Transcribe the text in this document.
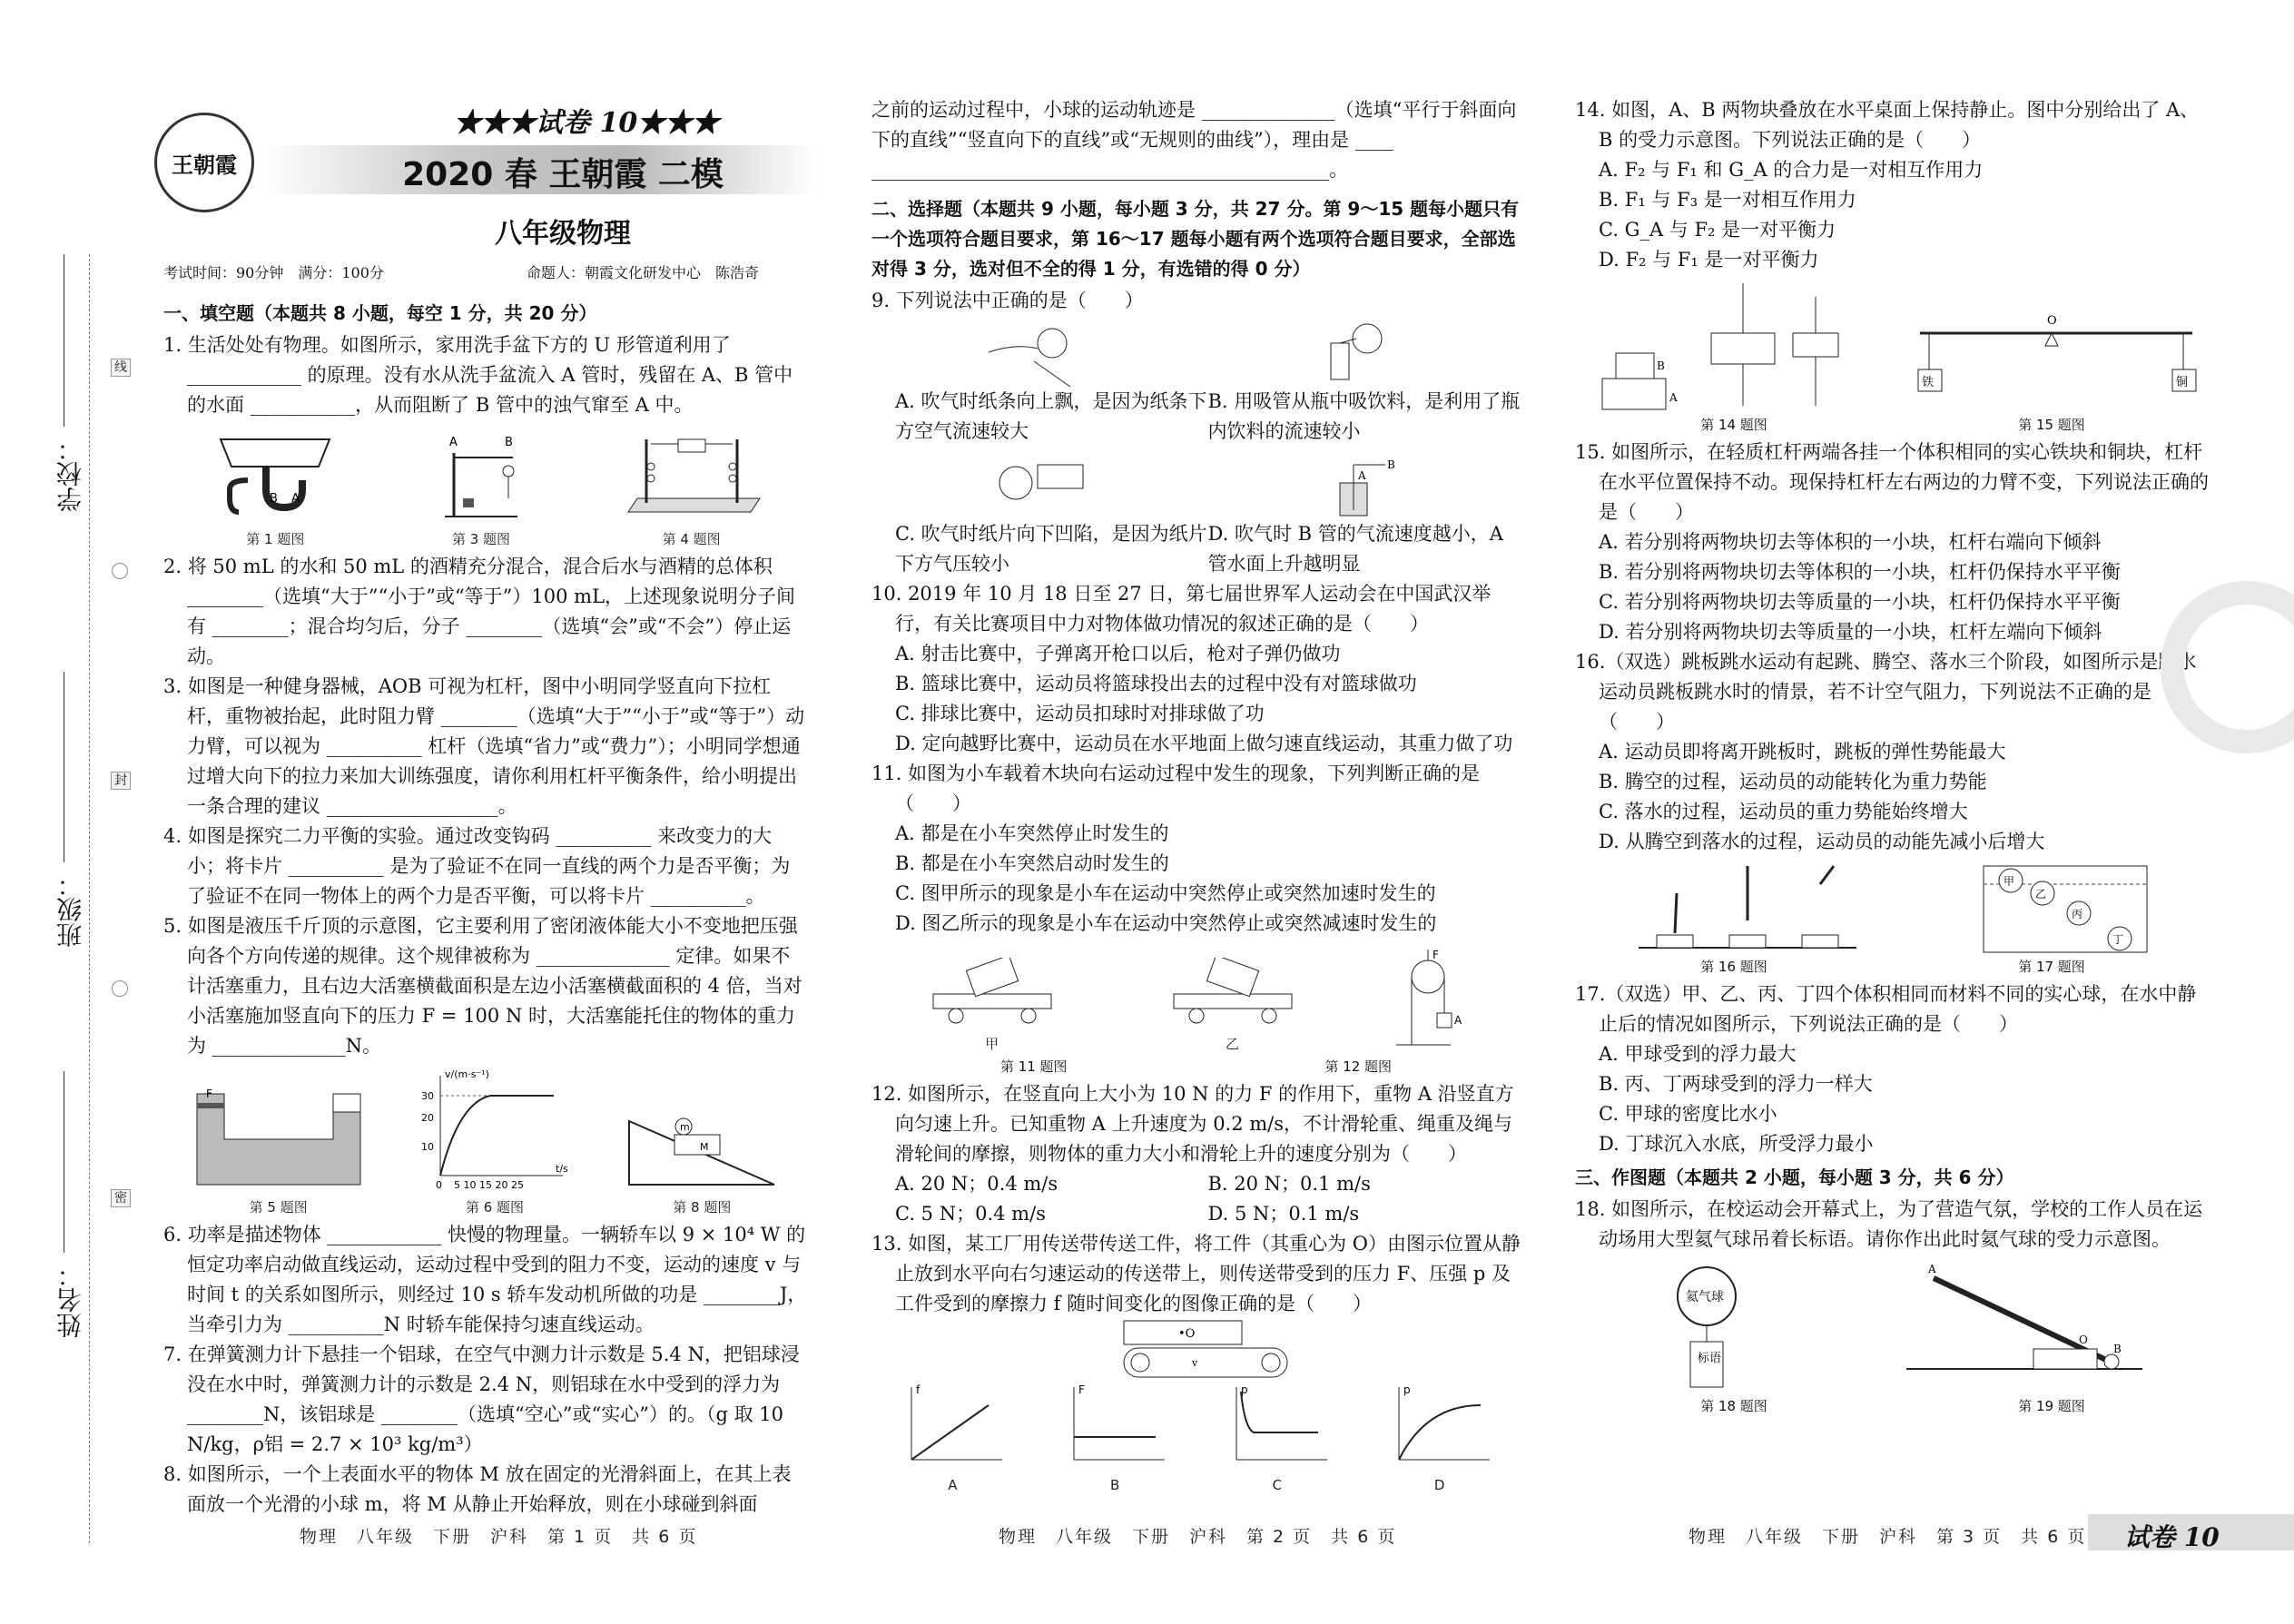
学校：
班级：
姓名：
线
封
密
王朝霞
★★★试卷 10★★★
2020 春 王朝霞 二模
八年级物理
考试时间：90分钟　满分：100分	命题人：朝霞文化研发中心　陈浩奇

一、填空题（本题共 8 小题，每空 1 分，共 20 分）

1. 生活处处有物理。如图所示，家用洗手盆下方的 U 形管道利用了 ____________ 的原理。没有水从洗手盆流入 A 管时，残留在 A、B 管中的水面 ___________，从而阻断了 B 管中的浊气窜至 A 中。

B A
第 1 题图
A	B
第 3 题图	第 4 题图

2. 将 50 mL 的水和 50 mL 的酒精充分混合，混合后水与酒精的总体积 ________（选填“大于”“小于”或“等于”）100 mL，上述现象说明分子间有 ________；混合均匀后，分子 ________（选填“会”或“不会”）停止运动。

3. 如图是一种健身器械，AOB 可视为杠杆，图中小明同学竖直向下拉杠杆，重物被抬起，此时阻力臂 ________（选填“大于”“小于”或“等于”）动力臂，可以视为 __________ 杠杆（选填“省力”或“费力”）；小明同学想通过增大向下的拉力来加大训练强度，请你利用杠杆平衡条件，给小明提出一条合理的建议 __________________。

4. 如图是探究二力平衡的实验。通过改变钩码 __________ 来改变力的大小；将卡片 __________ 是为了验证不在同一直线的两个力是否平衡；为了验证不在同一物体上的两个力是否平衡，可以将卡片 __________。

5. 如图是液压千斤顶的示意图，它主要利用了密闭液体能大小不变地把压强向各个方向传递的规律。这个规律被称为 ______________ 定律。如果不计活塞重力，且右边大活塞横截面积是左边小活塞横截面积的 4 倍，当对小活塞施加竖直向下的压力 F = 100 N 时，大活塞能托住的物体的重力为 ______________N。

F
第 5 题图
v/(m·s⁻¹)
30
20
10
0 5 10 15 20 25
t/s
第 6 题图
m
M
第 8 题图

6. 功率是描述物体 ____________ 快慢的物理量。一辆轿车以 9 × 10⁴ W 的恒定功率启动做直线运动，运动过程中受到的阻力不变，运动的速度 v 与时间 t 的关系如图所示，则经过 10 s 轿车发动机所做的功是 ________J，当牵引力为 __________N 时轿车能保持匀速直线运动。

7. 在弹簧测力计下悬挂一个铝球，在空气中测力计示数是 5.4 N，把铝球浸没在水中时，弹簧测力计的示数是 2.4 N，则铝球在水中受到的浮力为 ________N，该铝球是 ________（选填“空心”或“实心”）的。（g 取 10 N/kg，ρ铝 = 2.7 × 10³ kg/m³）

8. 如图所示，一个上表面水平的物体 M 放在固定的光滑斜面上，在其上表面放一个光滑的小球 m，将 M 从静止开始释放，则在小球碰到斜面

之前的运动过程中，小球的运动轨迹是 ______________（选填“平行于斜面向下的直线”“竖直向下的直线”或“无规则的曲线”），理由是 ____ ________________________________________________。

二、选择题（本题共 9 小题，每小题 3 分，共 27 分。第 9～15 题每小题只有一个选项符合题目要求，第 16～17 题每小题有两个选项符合题目要求，全部选对得 3 分，选对但不全的得 1 分，有选错的得 0 分）

9. 下列说法中正确的是（　　）

A. 吹气时纸条向上飘，是因为纸条下方空气流速较大
B. 用吸管从瓶中吸饮料，是利用了瓶内饮料的流速较小
B
A
C. 吹气时纸片向下凹陷，是因为纸片下方气压较小
D. 吹气时 B 管的气流速度越小，A 管水面上升越明显

10. 2019 年 10 月 18 日至 27 日，第七届世界军人运动会在中国武汉举行，有关比赛项目中力对物体做功情况的叙述正确的是（　　）

A. 射击比赛中，子弹离开枪口以后，枪对子弹仍做功

B. 篮球比赛中，运动员将篮球投出去的过程中没有对篮球做功

C. 排球比赛中，运动员扣球时对排球做了功

D. 定向越野比赛中，运动员在水平地面上做匀速直线运动，其重力做了功

11. 如图为小车载着木块向右运动过程中发生的现象，下列判断正确的是（　　）

A. 都是在小车突然停止时发生的

B. 都是在小车突然启动时发生的

C. 图甲所示的现象是小车在运动中突然停止或突然加速时发生的

D. 图乙所示的现象是小车在运动中突然停止或突然减速时发生的

甲	乙
F
A
第 11 题图	第 12 题图

12. 如图所示，在竖直向上大小为 10 N 的力 F 的作用下，重物 A 沿竖直方向匀速上升。已知重物 A 上升速度为 0.2 m/s，不计滑轮重、绳重及绳与滑轮间的摩擦，则物体的重力大小和滑轮上升的速度分别为（　　）

A. 20 N；0.4 m/s	B. 20 N；0.1 m/s
C. 5 N；0.4 m/s	D. 5 N；0.1 m/s

13. 如图，某工厂用传送带传送工件，将工件（其重心为 O）由图示位置从静止放到水平向右匀速运动的传送带上，则传送带受到的压力 F、压强 p 及工件受到的摩擦力 f 随时间变化的图像正确的是（　　）

•O
v
f
A
F
B
p
C
p
D

14. 如图，A、B 两物块叠放在水平桌面上保持静止。图中分别给出了 A、B 的受力示意图。下列说法正确的是（　　）

A. F₂ 与 F₁ 和 G_A 的合力是一对相互作用力

B. F₁ 与 F₃ 是一对相互作用力

C. G_A 与 F₂ 是一对平衡力

D. F₂ 与 F₁ 是一对平衡力

B
A
O
铁	铜
第 14 题图	第 15 题图

15. 如图所示，在轻质杠杆两端各挂一个体积相同的实心铁块和铜块，杠杆在水平位置保持不动。现保持杠杆左右两边的力臂不变，下列说法正确的是（　　）

A. 若分别将两物块切去等体积的一小块，杠杆右端向下倾斜

B. 若分别将两物块切去等体积的一小块，杠杆仍保持水平平衡

C. 若分别将两物块切去等质量的一小块，杠杆仍保持水平平衡

D. 若分别将两物块切去等质量的一小块，杠杆左端向下倾斜

16.（双选）跳板跳水运动有起跳、腾空、落水三个阶段，如图所示是跳水运动员跳板跳水时的情景，若不计空气阻力，下列说法不正确的是（　　）

A. 运动员即将离开跳板时，跳板的弹性势能最大

B. 腾空的过程，运动员的动能转化为重力势能

C. 落水的过程，运动员的重力势能始终增大

D. 从腾空到落水的过程，运动员的动能先减小后增大

甲
乙
丙
丁
第 16 题图	第 17 题图

17.（双选）甲、乙、丙、丁四个体积相同而材料不同的实心球，在水中静止后的情况如图所示，下列说法正确的是（　　）

A. 甲球受到的浮力最大

B. 丙、丁两球受到的浮力一样大

C. 甲球的密度比水小

D. 丁球沉入水底，所受浮力最小

三、作图题（本题共 2 小题，每小题 3 分，共 6 分）

18. 如图所示，在校运动会开幕式上，为了营造气氛，学校的工作人员在运动场用大型氦气球吊着长标语。请你作出此时氦气球的受力示意图。

氦气球
标语
A
O
B
第 18 题图	第 19 题图
物理　八年级　下册　沪科　第 1 页　共 6 页	物理　八年级　下册　沪科　第 2 页　共 6 页	物理　八年级　下册　沪科　第 3 页　共 6 页 试卷 10
